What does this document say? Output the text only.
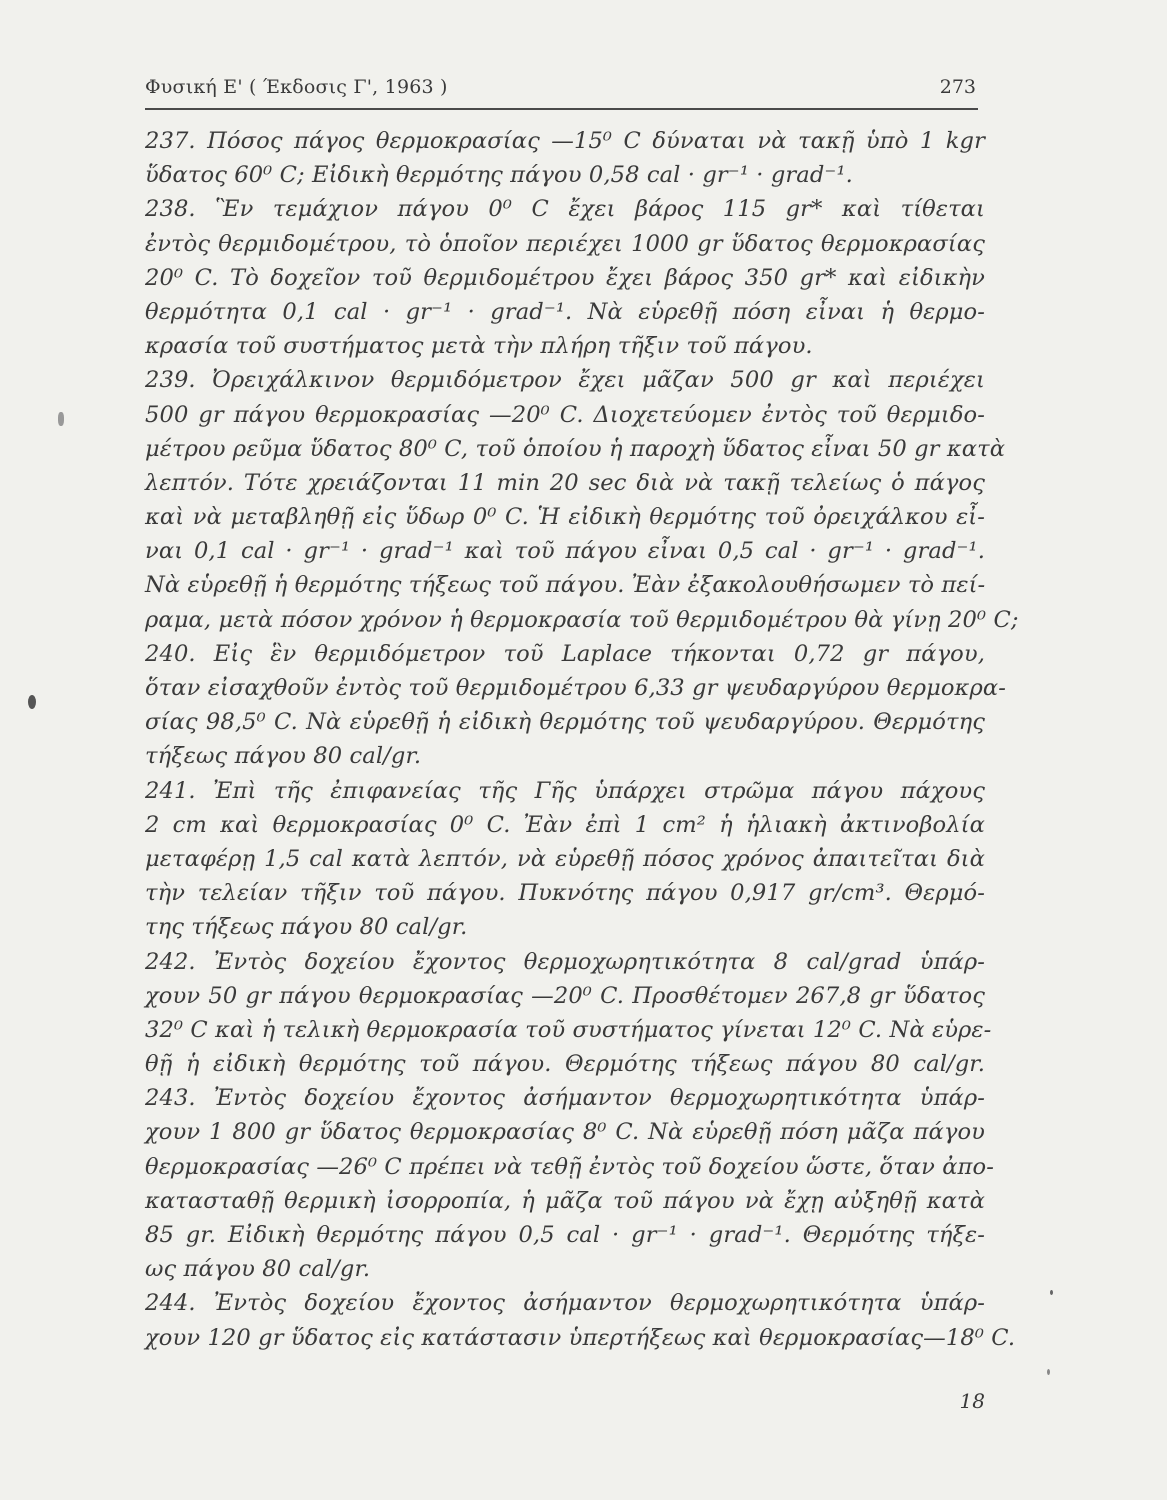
Φυσική Ε' ( Έκδοσις Γ', 1963 )	273
237. Πόσος πάγος θερμοκρασίας —15⁰ C δύναται νὰ τακῇ ὑπὸ 1 kgr
ὕδατος 60⁰ C; Εἰδικὴ θερμότης πάγου 0,58 cal · gr⁻¹ · grad⁻¹.
238. Ἓν τεμάχιον πάγου 0⁰ C ἔχει βάρος 115 gr* καὶ τίθεται
ἐντὸς θερμιδομέτρου, τὸ ὁποῖον περιέχει 1000 gr ὕδατος θερμοκρασίας
20⁰ C. Τὸ δοχεῖον τοῦ θερμιδομέτρου ἔχει βάρος 350 gr* καὶ εἰδικὴν
θερμότητα 0,1 cal · gr⁻¹ · grad⁻¹. Νὰ εὑρεθῇ πόση εἶναι ἡ θερμο-
κρασία τοῦ συστήματος μετὰ τὴν πλήρη τῆξιν τοῦ πάγου.
239. Ὀρειχάλκινον θερμιδόμετρον ἔχει μᾶζαν 500 gr καὶ περιέχει
500 gr πάγου θερμοκρασίας —20⁰ C. Διοχετεύομεν ἐντὸς τοῦ θερμιδο-
μέτρου ρεῦμα ὕδατος 80⁰ C, τοῦ ὁποίου ἡ παροχὴ ὕδατος εἶναι 50 gr κατὰ
λεπτόν. Τότε χρειάζονται 11 min 20 sec διὰ νὰ τακῇ τελείως ὁ πάγος
καὶ νὰ μεταβληθῇ εἰς ὕδωρ 0⁰ C. Ἡ εἰδικὴ θερμότης τοῦ ὀρειχάλκου εἶ-
ναι 0,1 cal · gr⁻¹ · grad⁻¹ καὶ τοῦ πάγου εἶναι 0,5 cal · gr⁻¹ · grad⁻¹.
Νὰ εὑρεθῇ ἡ θερμότης τήξεως τοῦ πάγου. Ἐὰν ἐξακολουθήσωμεν τὸ πεί-
ραμα, μετὰ πόσον χρόνον ἡ θερμοκρασία τοῦ θερμιδομέτρου θὰ γίνῃ 20⁰ C;
240. Εἰς ἓν θερμιδόμετρον τοῦ Laplace τήκονται 0,72 gr πάγου,
ὅταν εἰσαχθοῦν ἐντὸς τοῦ θερμιδομέτρου 6,33 gr ψευδαργύρου θερμοκρα-
σίας 98,5⁰ C. Νὰ εὑρεθῇ ἡ εἰδικὴ θερμότης τοῦ ψευδαργύρου. Θερμότης
τήξεως πάγου 80 cal/gr.
241. Ἐπὶ τῆς ἐπιφανείας τῆς Γῆς ὑπάρχει στρῶμα πάγου πάχους
2 cm καὶ θερμοκρασίας 0⁰ C. Ἐὰν ἐπὶ 1 cm² ἡ ἡλιακὴ ἀκτινοβολία
μεταφέρῃ 1,5 cal κατὰ λεπτόν, νὰ εὑρεθῇ πόσος χρόνος ἀπαιτεῖται διὰ
τὴν τελείαν τῆξιν τοῦ πάγου. Πυκνότης πάγου 0,917 gr/cm³. Θερμό-
της τήξεως πάγου 80 cal/gr.
242. Ἐντὸς δοχείου ἔχοντος θερμοχωρητικότητα 8 cal/grad ὑπάρ-
χουν 50 gr πάγου θερμοκρασίας —20⁰ C. Προσθέτομεν 267,8 gr ὕδατος
32⁰ C καὶ ἡ τελικὴ θερμοκρασία τοῦ συστήματος γίνεται 12⁰ C. Νὰ εὑρε-
θῇ ἡ εἰδικὴ θερμότης τοῦ πάγου. Θερμότης τήξεως πάγου 80 cal/gr.
243. Ἐντὸς δοχείου ἔχοντος ἀσήμαντον θερμοχωρητικότητα ὑπάρ-
χουν 1 800 gr ὕδατος θερμοκρασίας 8⁰ C. Νὰ εὑρεθῇ πόση μᾶζα πάγου
θερμοκρασίας —26⁰ C πρέπει νὰ τεθῇ ἐντὸς τοῦ δοχείου ὥστε, ὅταν ἀπο-
κατασταθῇ θερμικὴ ἰσορροπία, ἡ μᾶζα τοῦ πάγου νὰ ἔχῃ αὐξηθῇ κατὰ
85 gr. Εἰδικὴ θερμότης πάγου 0,5 cal · gr⁻¹ · grad⁻¹. Θερμότης τήξε-
ως πάγου 80 cal/gr.
244. Ἐντὸς δοχείου ἔχοντος ἀσήμαντον θερμοχωρητικότητα ὑπάρ-
χουν 120 gr ὕδατος εἰς κατάστασιν ὑπερτήξεως καὶ θερμοκρασίας—18⁰ C.
18
